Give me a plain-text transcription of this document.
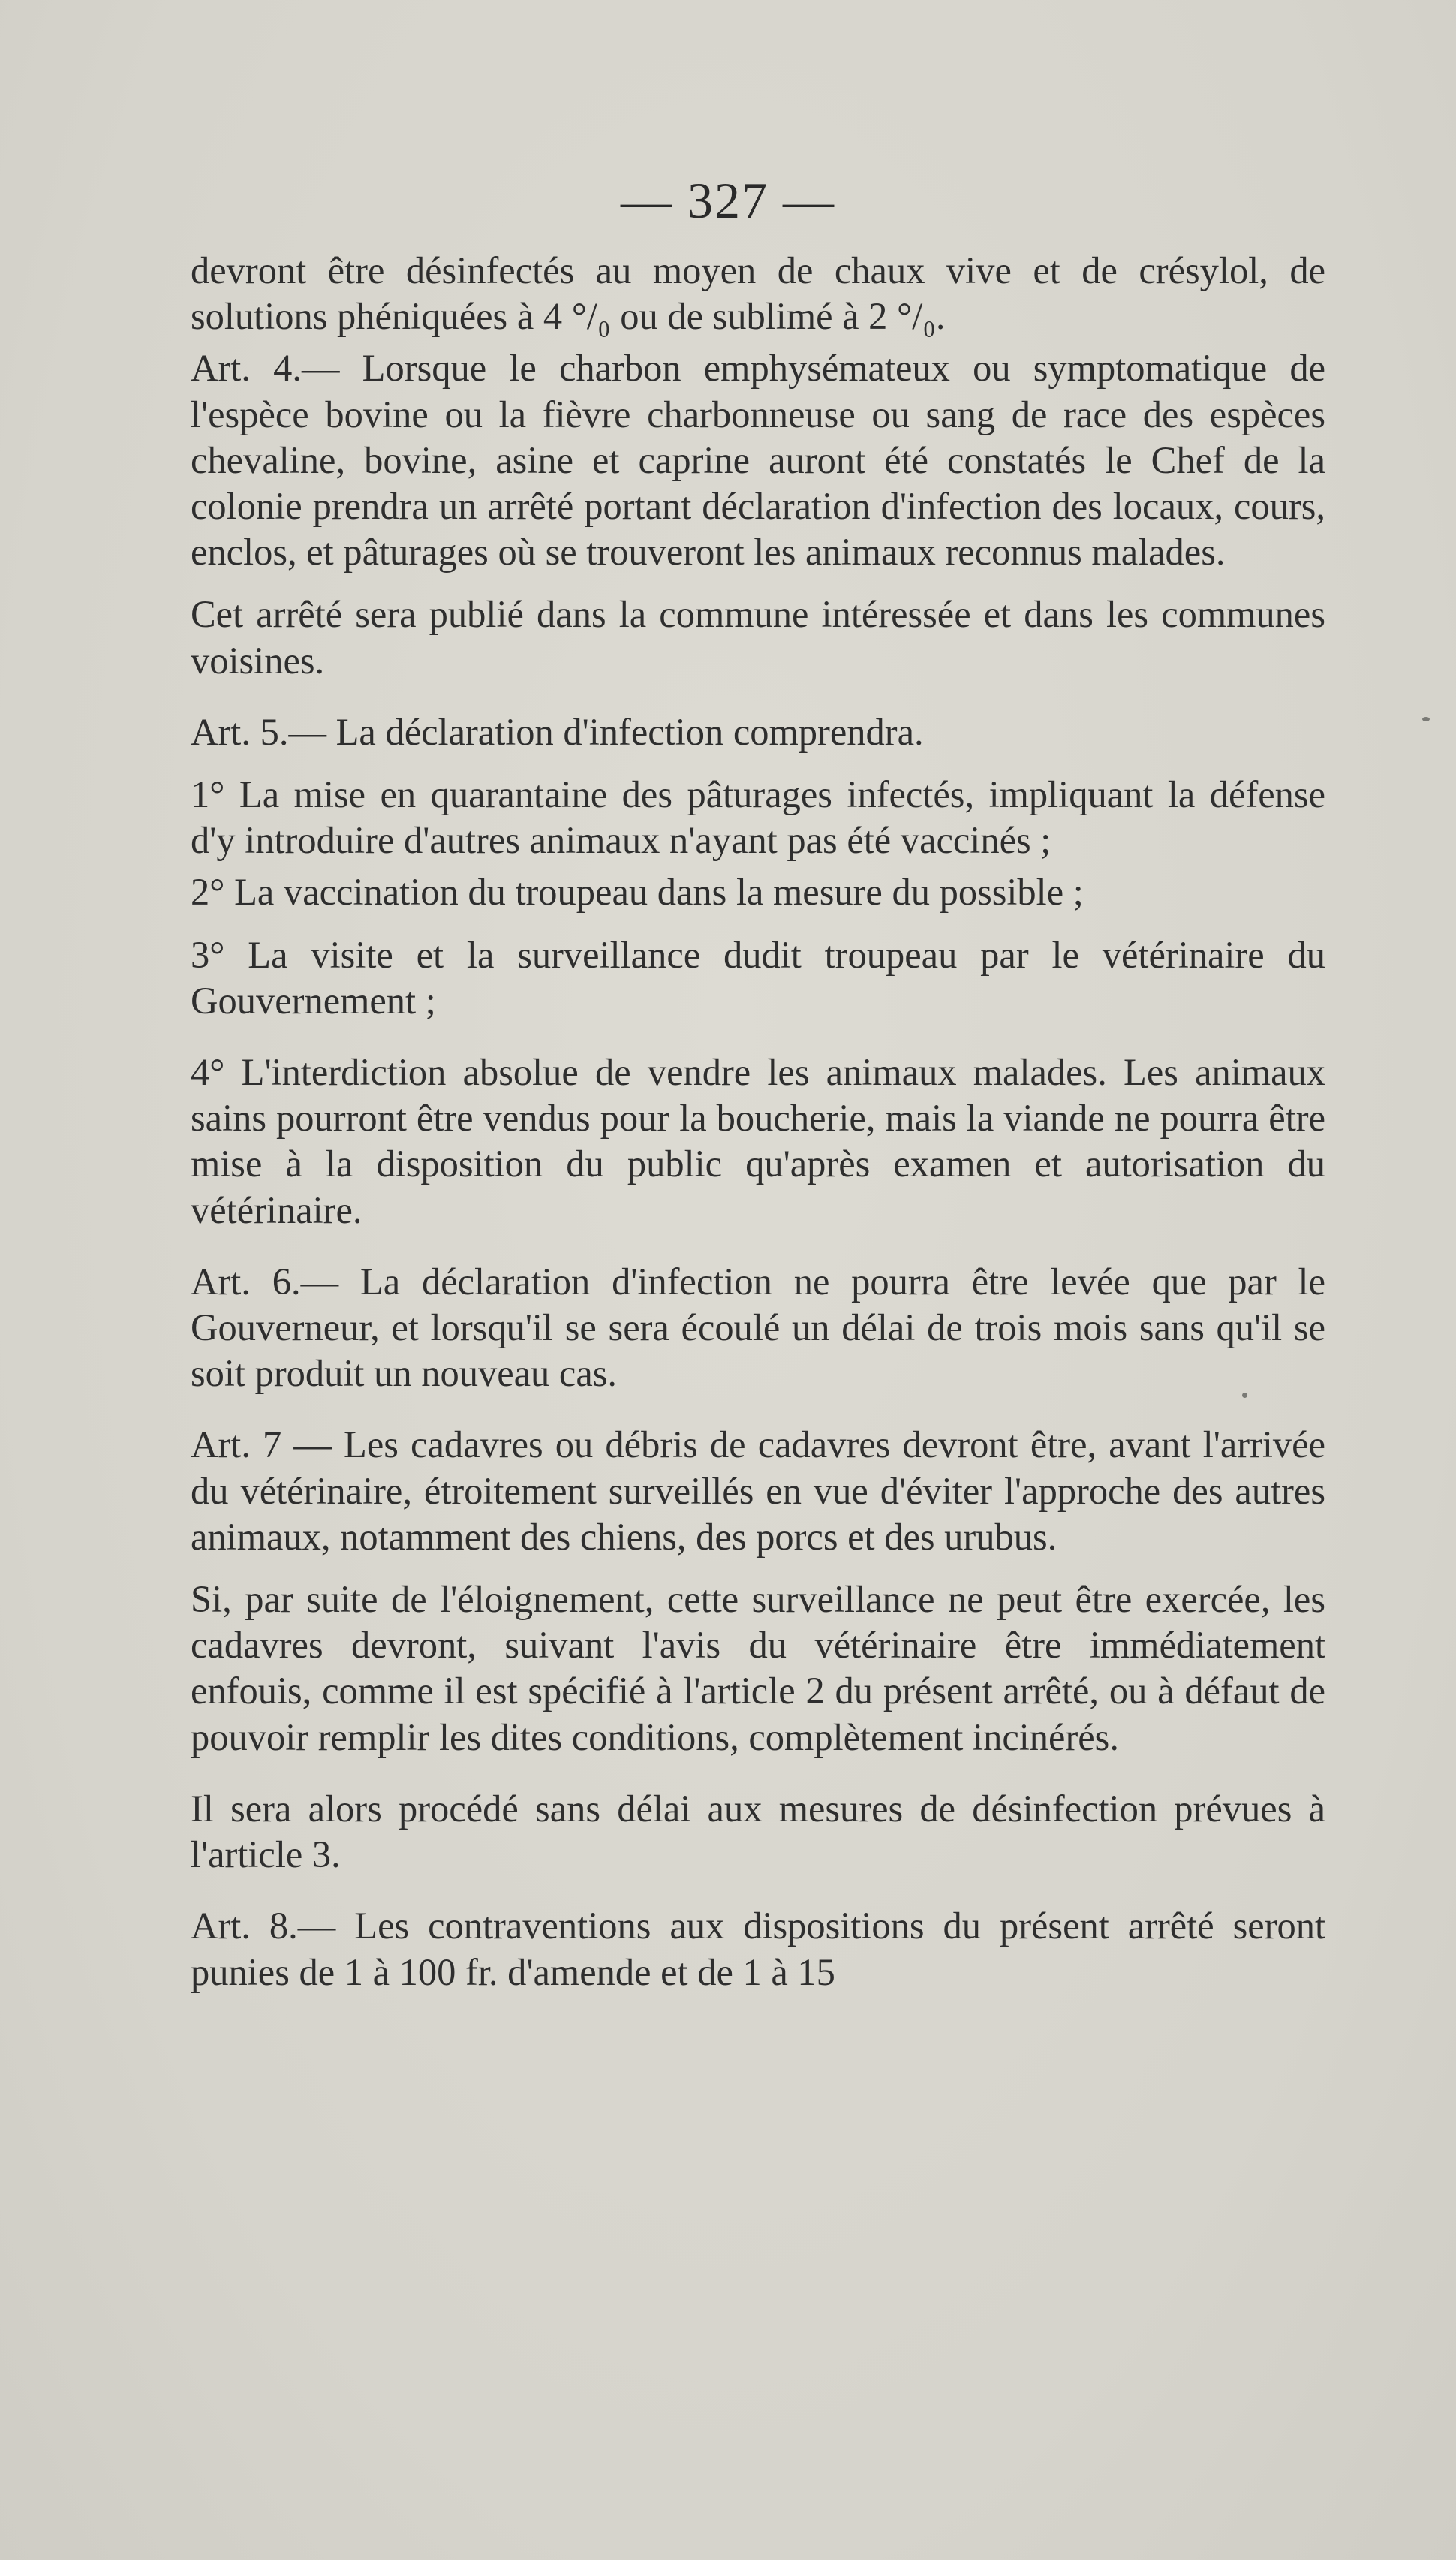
— 327 —

devront être désinfectés au moyen de chaux vive et de crésylol, de solutions phéniquées à 4 °/₀ ou de sublimé à 2 °/₀.

Art. 4.— Lorsque le charbon emphysémateux ou symptomatique de l'espèce bovine ou la fièvre charbonneuse ou sang de race des espèces chevaline, bovine, asine et caprine auront été constatés le Chef de la colonie prendra un arrêté portant déclaration d'infection des locaux, cours, enclos, et pâturages où se trouveront les animaux reconnus malades.

Cet arrêté sera publié dans la commune intéressée et dans les communes voisines.

Art. 5.— La déclaration d'infection comprendra.

1° La mise en quarantaine des pâturages infectés, impliquant la défense d'y introduire d'autres animaux n'ayant pas été vaccinés ;

2° La vaccination du troupeau dans la mesure du possible ;

3° La visite et la surveillance dudit troupeau par le vétérinaire du Gouvernement ;

4° L'interdiction absolue de vendre les animaux malades. Les animaux sains pourront être vendus pour la boucherie, mais la viande ne pourra être mise à la disposition du public qu'après examen et autorisation du vétérinaire.

Art. 6.— La déclaration d'infection ne pourra être levée que par le Gouverneur, et lorsqu'il se sera écoulé un délai de trois mois sans qu'il se soit produit un nouveau cas.

Art. 7 — Les cadavres ou débris de cadavres devront être, avant l'arrivée du vétérinaire, étroitement surveillés en vue d'éviter l'approche des autres animaux, notamment des chiens, des porcs et des urubus.

Si, par suite de l'éloignement, cette surveillance ne peut être exercée, les cadavres devront, suivant l'avis du vétérinaire être immédiatement enfouis, comme il est spécifié à l'article 2 du présent arrêté, ou à défaut de pouvoir remplir les dites conditions, complètement incinérés.

Il sera alors procédé sans délai aux mesures de désinfection prévues à l'article 3.

Art. 8.— Les contraventions aux dispositions du présent arrêté seront punies de 1 à 100 fr. d'amende et de 1 à 15
